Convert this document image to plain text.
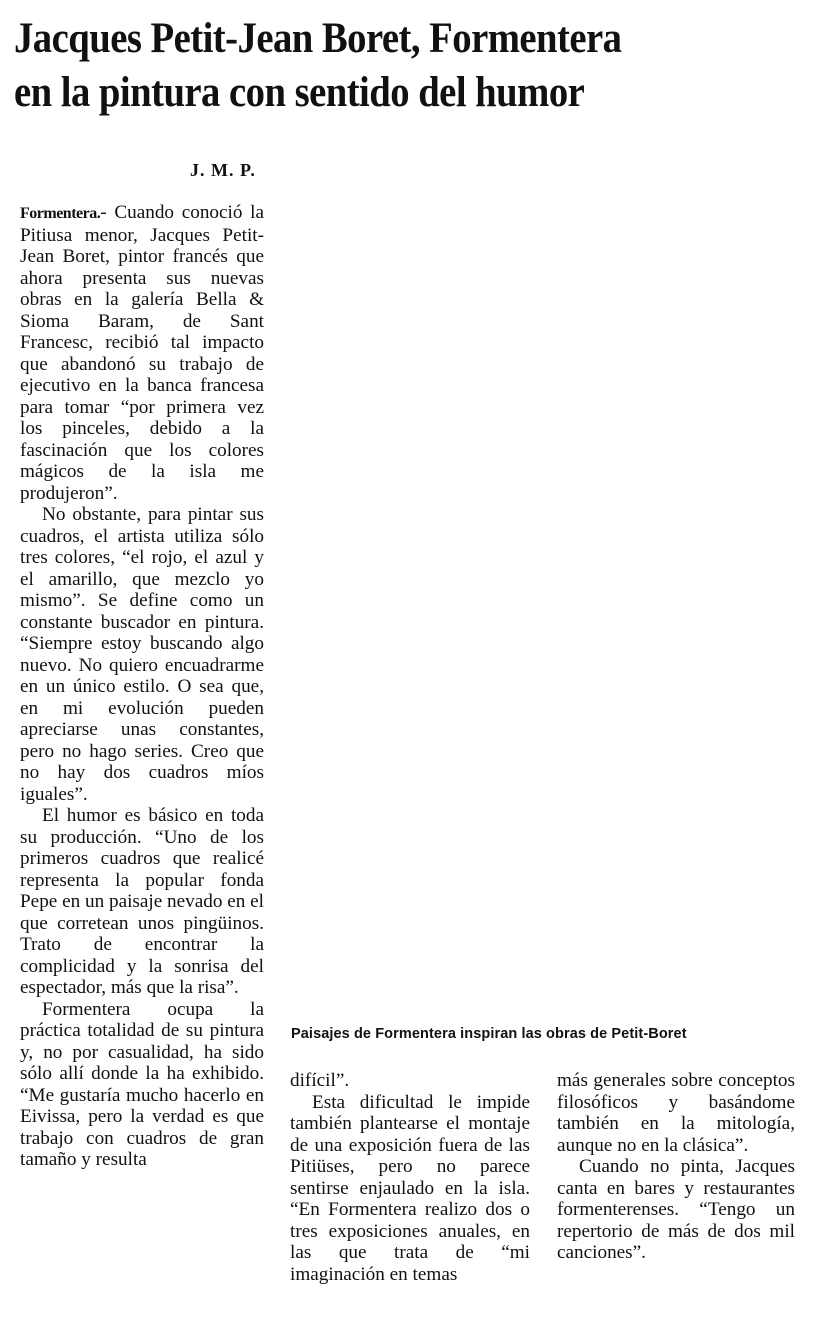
Jacques Petit-Jean Boret, Formentera
en la pintura con sentido del humor
J. M. P.

Formentera.- Cuando conoció la Pitiusa menor, Jacques Petit-Jean Boret, pintor francés que ahora presenta sus nuevas obras en la galería Bella & Sioma Baram, de Sant Francesc, recibió tal impacto que abandonó su trabajo de ejecutivo en la banca francesa para tomar “por primera vez los pinceles, debido a la fascinación que los colores mágicos de la isla me produjeron”.

No obstante, para pintar sus cuadros, el artista utiliza sólo tres colores, “el rojo, el azul y el amarillo, que mezclo yo mismo”. Se define como un constante buscador en pintura. “Siempre estoy buscando algo nuevo. No quiero encuadrarme en un único estilo. O sea que, en mi evolución pueden apreciarse unas constantes, pero no hago series. Creo que no hay dos cuadros míos iguales”.

El humor es básico en toda su producción. “Uno de los primeros cuadros que realicé representa la popular fonda Pepe en un paisaje nevado en el que corretean unos pingüinos. Trato de encontrar la complicidad y la sonrisa del espectador, más que la risa”.

Formentera ocupa la práctica totalidad de su pintura y, no por casualidad, ha sido sólo allí donde la ha exhibido. “Me gustaría mucho hacerlo en Eivissa, pero la verdad es que trabajo con cuadros de gran tamaño y resulta

Paisajes de Formentera inspiran las obras de Petit-Boret

difícil”.

Esta dificultad le impide también plantearse el montaje de una exposición fuera de las Pitiüses, pero no parece sentirse enjaulado en la isla. “En Formentera realizo dos o tres exposiciones anuales, en las que trata de “mi imaginación en temas

más generales sobre conceptos filosóficos y basándome también en la mitología, aunque no en la clásica”.

Cuando no pinta, Jacques canta en bares y restaurantes formenterenses. “Tengo un repertorio de más de dos mil canciones”.
